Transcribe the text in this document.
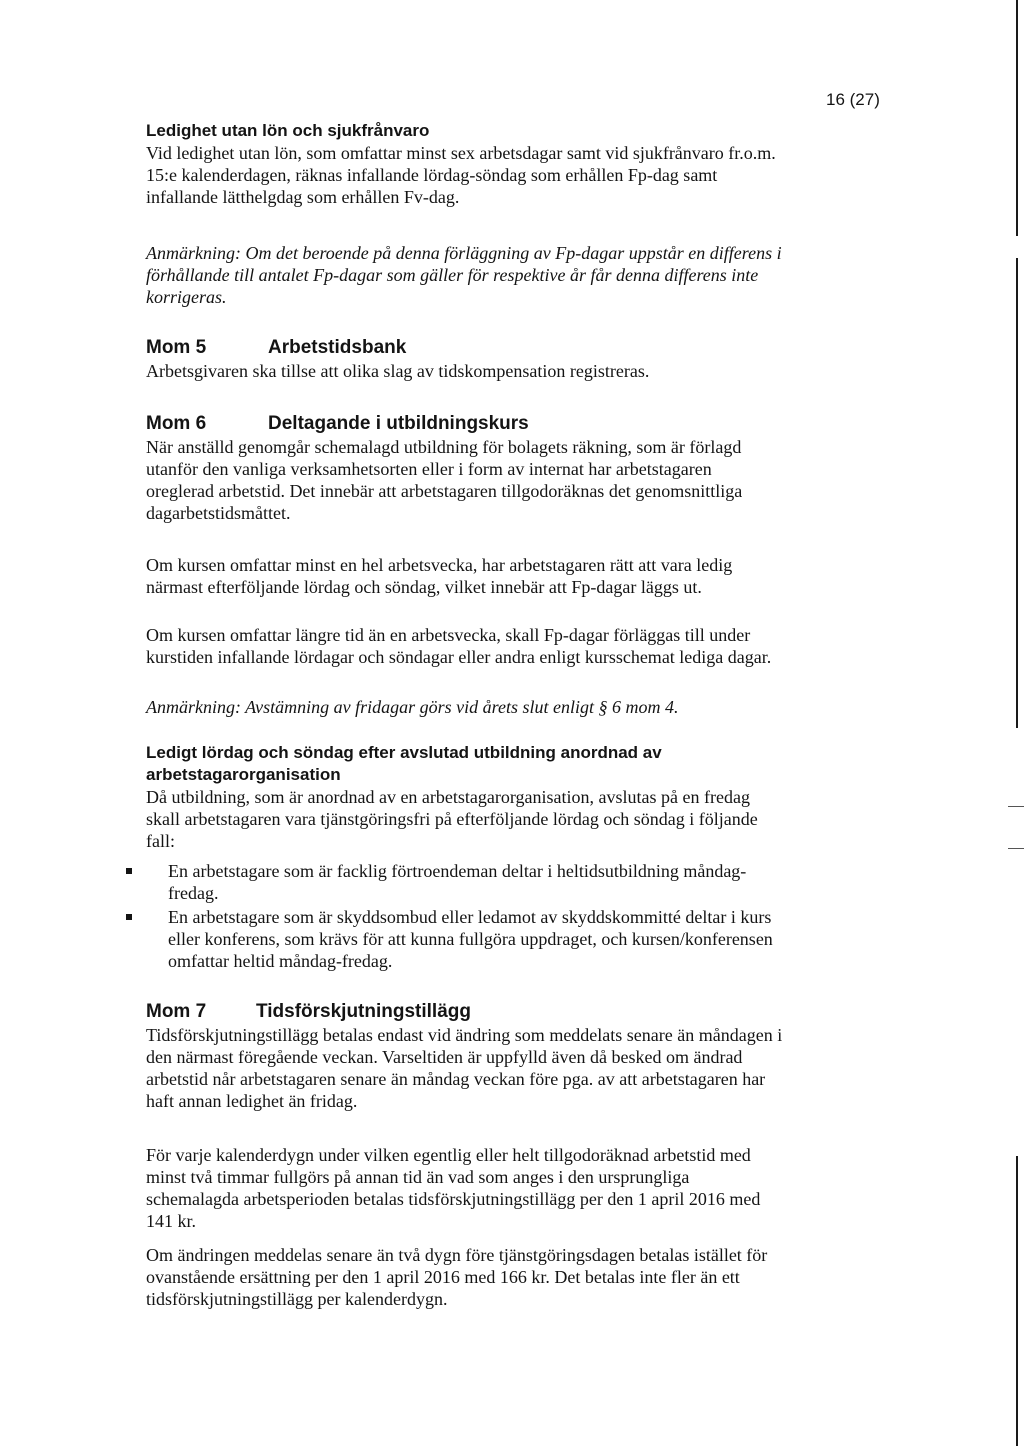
16 (27)
Ledighet utan lön och sjukfrånvaro
Vid ledighet utan lön, som omfattar minst sex arbetsdagar samt vid sjukfrånvaro fr.o.m.
15:e kalenderdagen, räknas infallande lördag-söndag som erhållen Fp-dag samt
infallande lätthelgdag som erhållen Fv-dag.
Anmärkning: Om det beroende på denna förläggning av Fp-dagar uppstår en differens i
förhållande till antalet Fp-dagar som gäller för respektive år får denna differens inte
korrigeras.
Mom 5	Arbetstidsbank
Arbetsgivaren ska tillse att olika slag av tidskompensation registreras.
Mom 6	Deltagande i utbildningskurs
När anställd genomgår schemalagd utbildning för bolagets räkning, som är förlagd
utanför den vanliga verksamhetsorten eller i form av internat har arbetstagaren
oreglerad arbetstid. Det innebär att arbetstagaren tillgodoräknas det genomsnittliga
dagarbetstidsmåttet.
Om kursen omfattar minst en hel arbetsvecka, har arbetstagaren rätt att vara ledig
närmast efterföljande lördag och söndag, vilket innebär att Fp-dagar läggs ut.
Om kursen omfattar längre tid än en arbetsvecka, skall Fp-dagar förläggas till under
kurstiden infallande lördagar och söndagar eller andra enligt kursschemat lediga dagar.
Anmärkning: Avstämning av fridagar görs vid årets slut enligt § 6 mom 4.
Ledigt lördag och söndag efter avslutad utbildning anordnad av
arbetstagarorganisation
Då utbildning, som är anordnad av en arbetstagarorganisation, avslutas på en fredag
skall arbetstagaren vara tjänstgöringsfri på efterföljande lördag och söndag i följande
fall:
En arbetstagare som är facklig förtroendeman deltar i heltidsutbildning måndag-
fredag.
En arbetstagare som är skyddsombud eller ledamot av skyddskommitté deltar i kurs
eller konferens, som krävs för att kunna fullgöra uppdraget, och kursen/konferensen
omfattar heltid måndag-fredag.
Mom 7	Tidsförskjutningstillägg
Tidsförskjutningstillägg betalas endast vid ändring som meddelats senare än måndagen i
den närmast föregående veckan. Varseltiden är uppfylld även då besked om ändrad
arbetstid når arbetstagaren senare än måndag veckan före pga. av att arbetstagaren har
haft annan ledighet än fridag.
För varje kalenderdygn under vilken egentlig eller helt tillgodoräknad arbetstid med
minst två timmar fullgörs på annan tid än vad som anges i den ursprungliga
schemalagda arbetsperioden betalas tidsförskjutningstillägg per den 1 april 2016 med
141 kr.
Om ändringen meddelas senare än två dygn före tjänstgöringsdagen betalas istället för
ovanstående ersättning per den 1 april 2016 med 166 kr. Det betalas inte fler än ett
tidsförskjutningstillägg per kalenderdygn.
